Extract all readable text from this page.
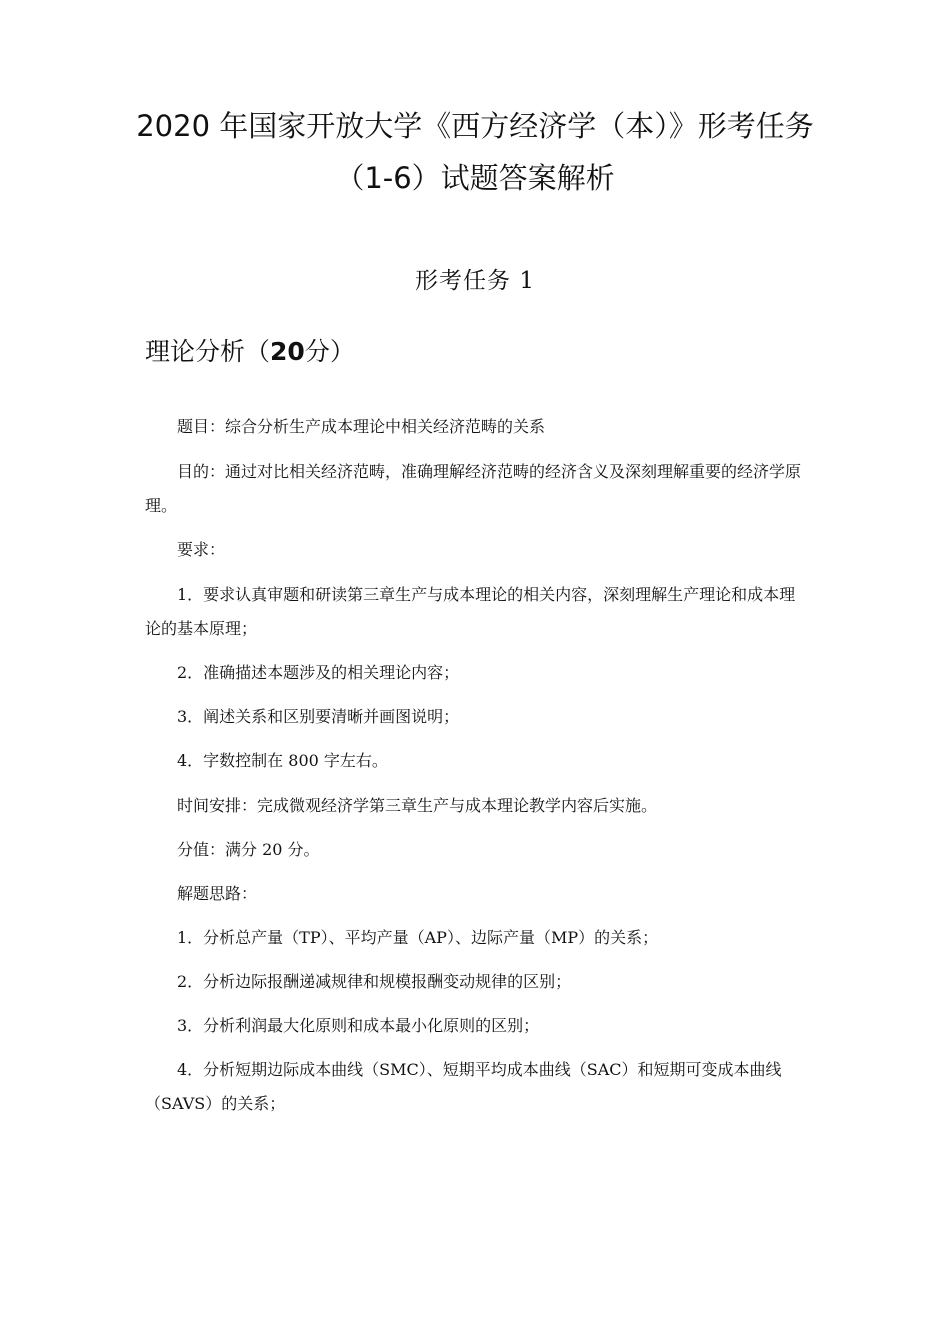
2020 年国家开放大学《西方经济学（本）》形考任务
（1-6）试题答案解析
形考任务 1
理论分析（20分）
题目：综合分析生产成本理论中相关经济范畴的关系
目的：通过对比相关经济范畴，准确理解经济范畴的经济含义及深刻理解重要的经济学原理。
要求：
1．要求认真审题和研读第三章生产与成本理论的相关内容，深刻理解生产理论和成本理论的基本原理；
2．准确描述本题涉及的相关理论内容；
3．阐述关系和区别要清晰并画图说明；
4．字数控制在 800 字左右。
时间安排：完成微观经济学第三章生产与成本理论教学内容后实施。
分值：满分 20 分。
解题思路：
1．分析总产量（TP）、平均产量（AP）、边际产量（MP）的关系；
2．分析边际报酬递减规律和规模报酬变动规律的区别；
3．分析利润最大化原则和成本最小化原则的区别；
4．分析短期边际成本曲线（SMC）、短期平均成本曲线（SAC）和短期可变成本曲线（SAVS）的关系；
